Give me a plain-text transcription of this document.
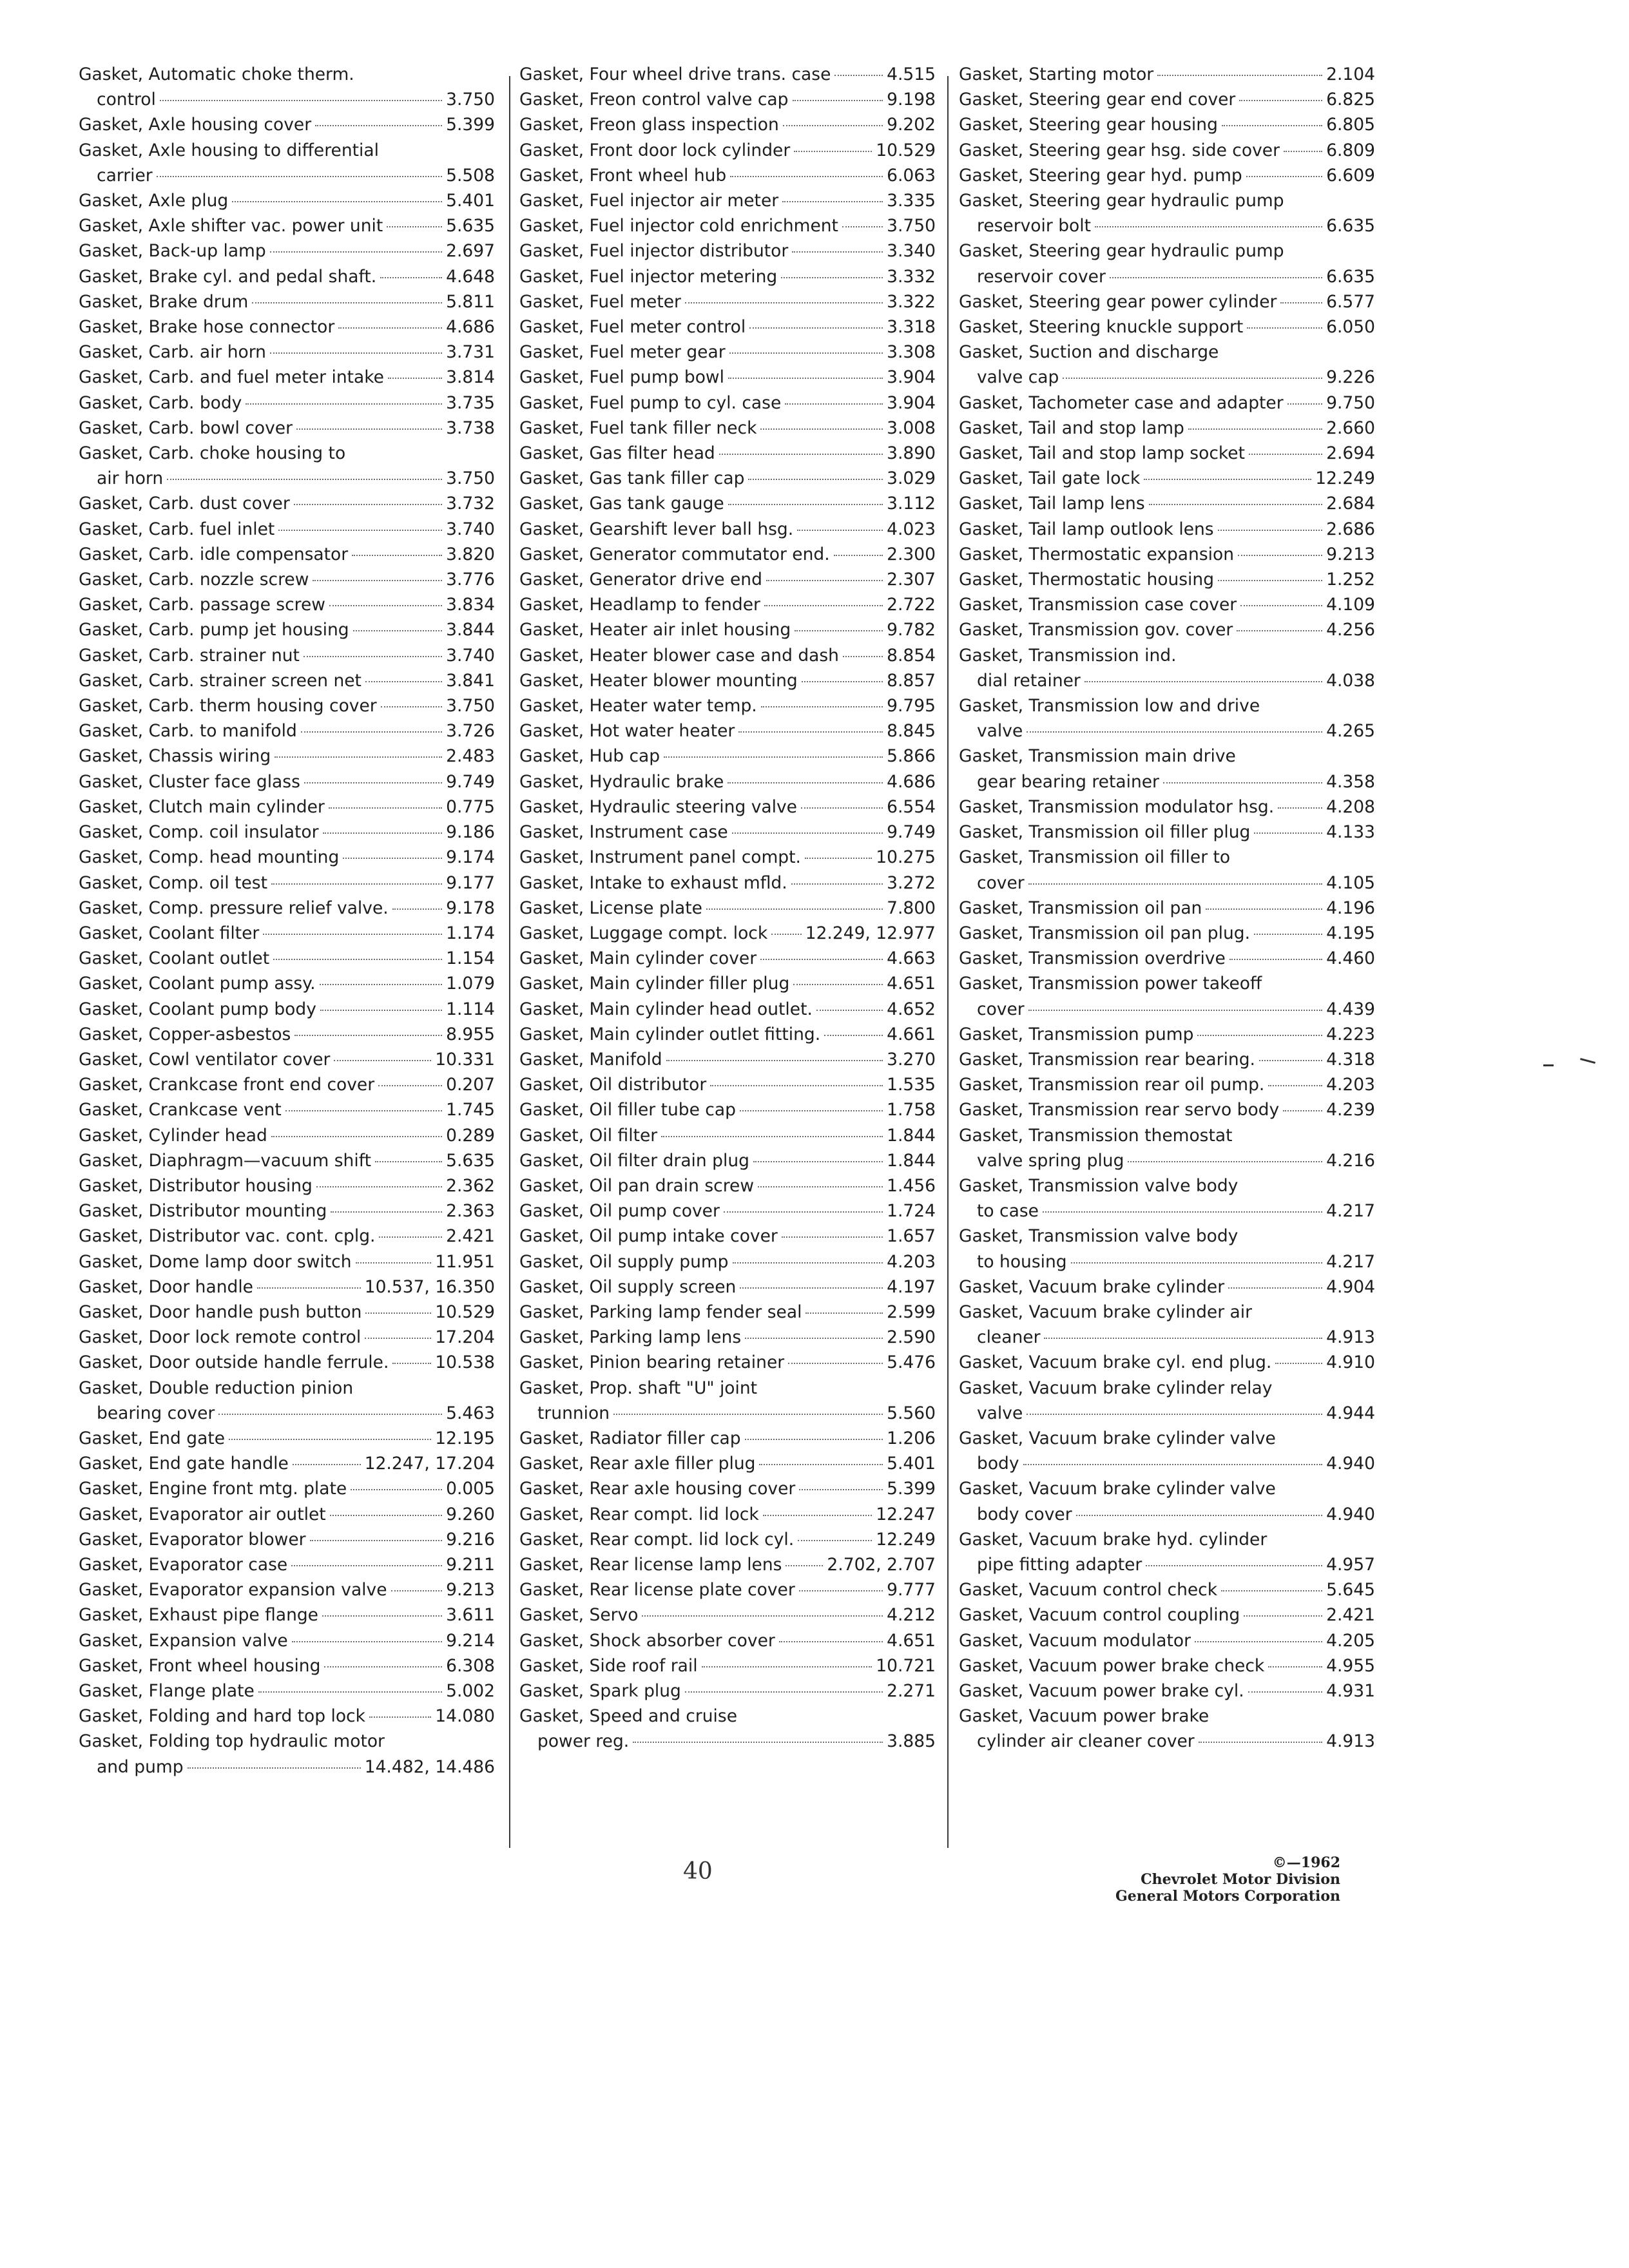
Gasket, Automatic choke therm.
control	3.750
Gasket, Axle housing cover	5.399
Gasket, Axle housing to differential
carrier	5.508
Gasket, Axle plug	5.401
Gasket, Axle shifter vac. power unit	5.635
Gasket, Back-up lamp	2.697
Gasket, Brake cyl. and pedal shaft.	4.648
Gasket, Brake drum	5.811
Gasket, Brake hose connector	4.686
Gasket, Carb. air horn	3.731
Gasket, Carb. and fuel meter intake	3.814
Gasket, Carb. body	3.735
Gasket, Carb. bowl cover	3.738
Gasket, Carb. choke housing to
air horn	3.750
Gasket, Carb. dust cover	3.732
Gasket, Carb. fuel inlet	3.740
Gasket, Carb. idle compensator	3.820
Gasket, Carb. nozzle screw	3.776
Gasket, Carb. passage screw	3.834
Gasket, Carb. pump jet housing	3.844
Gasket, Carb. strainer nut	3.740
Gasket, Carb. strainer screen net	3.841
Gasket, Carb. therm housing cover	3.750
Gasket, Carb. to manifold	3.726
Gasket, Chassis wiring	2.483
Gasket, Cluster face glass	9.749
Gasket, Clutch main cylinder	0.775
Gasket, Comp. coil insulator	9.186
Gasket, Comp. head mounting	9.174
Gasket, Comp. oil test	9.177
Gasket, Comp. pressure relief valve.	9.178
Gasket, Coolant filter	1.174
Gasket, Coolant outlet	1.154
Gasket, Coolant pump assy.	1.079
Gasket, Coolant pump body	1.114
Gasket, Copper-asbestos	8.955
Gasket, Cowl ventilator cover	10.331
Gasket, Crankcase front end cover	0.207
Gasket, Crankcase vent	1.745
Gasket, Cylinder head	0.289
Gasket, Diaphragm—vacuum shift	5.635
Gasket, Distributor housing	2.362
Gasket, Distributor mounting	2.363
Gasket, Distributor vac. cont. cplg.	2.421
Gasket, Dome lamp door switch	11.951
Gasket, Door handle	10.537, 16.350
Gasket, Door handle push button	10.529
Gasket, Door lock remote control	17.204
Gasket, Door outside handle ferrule.	10.538
Gasket, Double reduction pinion
bearing cover	5.463
Gasket, End gate	12.195
Gasket, End gate handle	12.247, 17.204
Gasket, Engine front mtg. plate	0.005
Gasket, Evaporator air outlet	9.260
Gasket, Evaporator blower	9.216
Gasket, Evaporator case	9.211
Gasket, Evaporator expansion valve	9.213
Gasket, Exhaust pipe flange	3.611
Gasket, Expansion valve	9.214
Gasket, Front wheel housing	6.308
Gasket, Flange plate	5.002
Gasket, Folding and hard top lock	14.080
Gasket, Folding top hydraulic motor
and pump	14.482, 14.486
Gasket, Four wheel drive trans. case	4.515
Gasket, Freon control valve cap	9.198
Gasket, Freon glass inspection	9.202
Gasket, Front door lock cylinder	10.529
Gasket, Front wheel hub	6.063
Gasket, Fuel injector air meter	3.335
Gasket, Fuel injector cold enrichment	3.750
Gasket, Fuel injector distributor	3.340
Gasket, Fuel injector metering	3.332
Gasket, Fuel meter	3.322
Gasket, Fuel meter control	3.318
Gasket, Fuel meter gear	3.308
Gasket, Fuel pump bowl	3.904
Gasket, Fuel pump to cyl. case	3.904
Gasket, Fuel tank filler neck	3.008
Gasket, Gas filter head	3.890
Gasket, Gas tank filler cap	3.029
Gasket, Gas tank gauge	3.112
Gasket, Gearshift lever ball hsg.	4.023
Gasket, Generator commutator end.	2.300
Gasket, Generator drive end	2.307
Gasket, Headlamp to fender	2.722
Gasket, Heater air inlet housing	9.782
Gasket, Heater blower case and dash	8.854
Gasket, Heater blower mounting	8.857
Gasket, Heater water temp.	9.795
Gasket, Hot water heater	8.845
Gasket, Hub cap	5.866
Gasket, Hydraulic brake	4.686
Gasket, Hydraulic steering valve	6.554
Gasket, Instrument case	9.749
Gasket, Instrument panel compt.	10.275
Gasket, Intake to exhaust mfld.	3.272
Gasket, License plate	7.800
Gasket, Luggage compt. lock 12.249, 12.977
Gasket, Main cylinder cover	4.663
Gasket, Main cylinder filler plug	4.651
Gasket, Main cylinder head outlet.	4.652
Gasket, Main cylinder outlet fitting.	4.661
Gasket, Manifold	3.270
Gasket, Oil distributor	1.535
Gasket, Oil filler tube cap	1.758
Gasket, Oil filter	1.844
Gasket, Oil filter drain plug	1.844
Gasket, Oil pan drain screw	1.456
Gasket, Oil pump cover	1.724
Gasket, Oil pump intake cover	1.657
Gasket, Oil supply pump	4.203
Gasket, Oil supply screen	4.197
Gasket, Parking lamp fender seal	2.599
Gasket, Parking lamp lens	2.590
Gasket, Pinion bearing retainer	5.476
Gasket, Prop. shaft "U" joint
trunnion	5.560
Gasket, Radiator filler cap	1.206
Gasket, Rear axle filler plug	5.401
Gasket, Rear axle housing cover	5.399
Gasket, Rear compt. lid lock	12.247
Gasket, Rear compt. lid lock cyl.	12.249
Gasket, Rear license lamp lens	2.702, 2.707
Gasket, Rear license plate cover	9.777
Gasket, Servo	4.212
Gasket, Shock absorber cover	4.651
Gasket, Side roof rail	10.721
Gasket, Spark plug	2.271
Gasket, Speed and cruise
power reg.	3.885
Gasket, Starting motor	2.104
Gasket, Steering gear end cover	6.825
Gasket, Steering gear housing	6.805
Gasket, Steering gear hsg. side cover	6.809
Gasket, Steering gear hyd. pump	6.609
Gasket, Steering gear hydraulic pump
reservoir bolt	6.635
Gasket, Steering gear hydraulic pump
reservoir cover	6.635
Gasket, Steering gear power cylinder	6.577
Gasket, Steering knuckle support	6.050
Gasket, Suction and discharge
valve cap	9.226
Gasket, Tachometer case and adapter	9.750
Gasket, Tail and stop lamp	2.660
Gasket, Tail and stop lamp socket	2.694
Gasket, Tail gate lock	12.249
Gasket, Tail lamp lens	2.684
Gasket, Tail lamp outlook lens	2.686
Gasket, Thermostatic expansion	9.213
Gasket, Thermostatic housing	1.252
Gasket, Transmission case cover	4.109
Gasket, Transmission gov. cover	4.256
Gasket, Transmission ind.
dial retainer	4.038
Gasket, Transmission low and drive
valve	4.265
Gasket, Transmission main drive
gear bearing retainer	4.358
Gasket, Transmission modulator hsg.	4.208
Gasket, Transmission oil filler plug	4.133
Gasket, Transmission oil filler to
cover	4.105
Gasket, Transmission oil pan	4.196
Gasket, Transmission oil pan plug.	4.195
Gasket, Transmission overdrive	4.460
Gasket, Transmission power takeoff
cover	4.439
Gasket, Transmission pump	4.223
Gasket, Transmission rear bearing.	4.318
Gasket, Transmission rear oil pump.	4.203
Gasket, Transmission rear servo body	4.239
Gasket, Transmission themostat
valve spring plug	4.216
Gasket, Transmission valve body
to case	4.217
Gasket, Transmission valve body
to housing	4.217
Gasket, Vacuum brake cylinder	4.904
Gasket, Vacuum brake cylinder air
cleaner	4.913
Gasket, Vacuum brake cyl. end plug.	4.910
Gasket, Vacuum brake cylinder relay
valve	4.944
Gasket, Vacuum brake cylinder valve
body	4.940
Gasket, Vacuum brake cylinder valve
body cover	4.940
Gasket, Vacuum brake hyd. cylinder
pipe fitting adapter	4.957
Gasket, Vacuum control check	5.645
Gasket, Vacuum control coupling	2.421
Gasket, Vacuum modulator	4.205
Gasket, Vacuum power brake check	4.955
Gasket, Vacuum power brake cyl.	4.931
Gasket, Vacuum power brake
cylinder air cleaner cover	4.913
40	©—1962
Chevrolet Motor Division
General Motors Corporation
